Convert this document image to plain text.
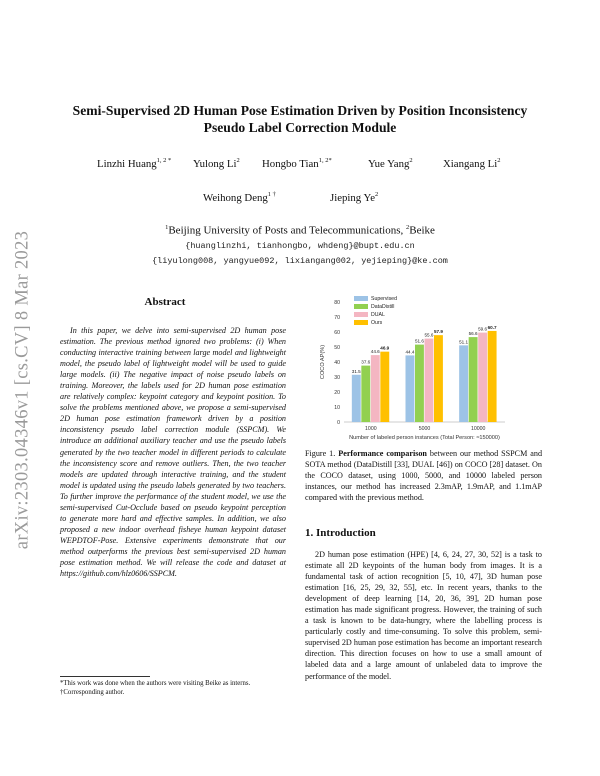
arXiv:2303.04346v1 [cs.CV] 8 Mar 2023
Semi-Supervised 2D Human Pose Estimation Driven by Position Inconsistency
Pseudo Label Correction Module
Linzhi Huang$^{1, 2 *}$ Yulong Li$^2$ Hongbo Tian$^{1, 2*}$	Yue Yang$^2$	Xiangang Li$^2$
Weihong Deng$^{1 \dagger}$	Jieping Ye$^2$
$^1$Beijing University of Posts and Telecommunications, $^2$Beike
{huanglinzhi, tianhongbo, whdeng}@bupt.edu.cn
{liyulong008, yangyue092, lixiangang002, yejieping}@ke.com
Abstract

In this paper, we delve into semi-supervised 2D human pose estimation. The previous method ignored two problems: (i) When conducting interactive training between large model and lightweight model, the pseudo label of lightweight model will be used to guide large models. (ii) The negative impact of noise pseudo labels on training. Moreover, the labels used for 2D human pose estimation are relatively complex: keypoint category and keypoint position. To solve the problems mentioned above, we propose a semi-supervised 2D human pose estimation framework driven by a position inconsistency pseudo label correction module (SSPCM). We introduce an additional auxiliary teacher and use the pseudo labels generated by the two teacher model in different periods to calculate the inconsistency score and remove outliers. Then, the two teacher models are updated through interactive training, and the student model is updated using the pseudo labels generated by two teachers. To further improve the performance of the student model, we use the semi-supervised Cut-Occlude based on pseudo keypoint perception to generate more hard and effective samples. In addition, we also proposed a new indoor overhead fisheye human keypoint dataset WEPDTOF-Pose. Extensive experiments demonstrate that our method outperforms the previous best semi-supervised 2D human pose estimation method. We will release the code and dataset at https://github.com/hlz0606/SSPCM.

0
10
20
30
40
50
60
70
80
COCO AP(%)
Number of labeled person instances (Total Person: ≈150000)
1000	5000	10000
31.5
37.6
44.6
46.9
44.4
51.6
55.6
57.9
51.1
56.6
59.6 60.7
Supervised
DataDistill
DUAL
Ours
Figure 1. Performance comparison between our method SSPCM and SOTA method (DataDistill [33], DUAL [46]) on COCO [28] dataset. On the COCO dataset, using 1000, 5000, and 10000 labeled person instances, our method has increased 2.3mAP, 1.9mAP, and 1.1mAP compared with the previous method.
1. Introduction

2D human pose estimation (HPE) [4, 6, 24, 27, 30, 52] is a task to estimate all 2D keypoints of the human body from images. It is a fundamental task of action recognition [5, 10, 47], 3D human pose estimation [16, 25, 29, 32, 55], etc. In recent years, thanks to the development of deep learning [14, 20, 36, 39], 2D human pose estimation has made significant progress. However, the training of such a task is known to be data-hungry, where the labelling process is particularly costly and time-consuming. To solve this problem, semi-supervised 2D human pose estimation has become an important research direction. This direction focuses on how to use a small amount of labeled data and a large amount of unlabeled data to improve the performance of the model.

*This work was done when the authors were visiting Beike as interns.
†Corresponding author.
